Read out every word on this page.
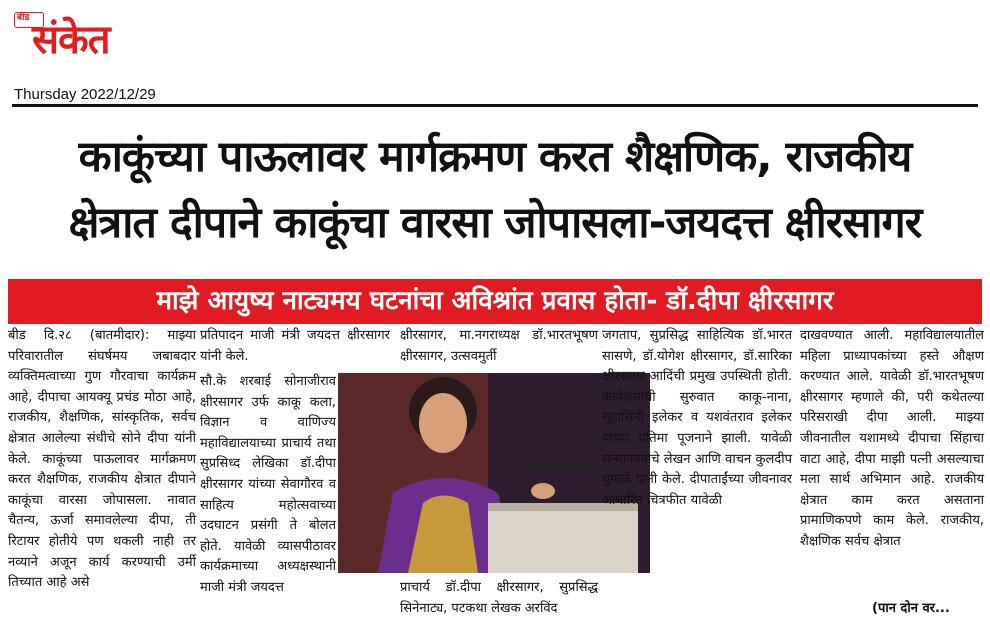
बीड संकेत
Thursday 2022/12/29
काकूंच्या पाऊलावर मार्गक्रमण करत शैक्षणिक, राजकीय
क्षेत्रात दीपाने काकूंचा वारसा जोपासला-जयदत्त क्षीरसागर
माझे आयुष्य नाट्यमय घटनांचा अविश्रांत प्रवास होता- डॉ.दीपा क्षीरसागर

बीड दि.२८ (बातमीदार): माझ्या परिवारातील संघर्षमय जबाबदार व्यक्तिमत्वाच्या गुण गौरवाचा कार्यक्रम आहे, दीपाचा आयक्यू प्रचंड मोठा आहे, राजकीय, शैक्षणिक, सांस्कृतिक, सर्वच क्षेत्रात आलेल्या संधीचे सोने दीपा यांनी केले. काकूंच्या पाऊलावर मार्गक्रमण करत शैक्षणिक, राजकीय क्षेत्रात दीपाने काकूंचा वारसा जोपासला. नावात चैतन्य, ऊर्जा समावलेल्या दीपा, ती रिटायर होतीये पण थकली नाही तर नव्याने अजून कार्य करण्याची उर्मी तिच्यात आहे असे

प्रतिपादन माजी मंत्री जयदत्त क्षीरसागर यांनी केले.

सौ.के शरबाई सोनाजीराव क्षीरसागर उर्फ काकू कला, विज्ञान व वाणिज्य महाविद्यालयाच्या प्राचार्य तथा सुप्रसिध्द लेखिका डॉ.दीपा क्षीरसागर यांच्या सेवागौरव व साहित्य महोत्सवाच्या उदघाटन प्रसंगी ते बोलत होते. यावेळी व्यासपीठावर कार्यक्रमाच्या अध्यक्षस्थानी माजी मंत्री जयदत्त

क्षीरसागर, मा.नगराध्यक्ष डॉ.भारतभूषण क्षीरसागर, उत्सवमुर्ती

प्राचार्य डॉ.दीपा क्षीरसागर, सुप्रसिद्ध सिनेनाट्य, पटकथा लेखक अरविंद

जगताप, सुप्रसिद्ध साहित्यिक डॉ.भारत सासणे, डॉ.योगेश क्षीरसागर, डॉ.सारिका क्षीरसागर आदिंची प्रमुख उपस्थिती होती. कार्यक्रमाची सुरुवात काकू-नाना, सुहासिनी इलेकर व यशवंतराव इलेकर यांच्या प्रतिमा पूजनाने झाली. यावेळी सन्मानपत्राचे लेखन आणि वाचन कुलदीप धुमाळे यांनी केले. दीपाताईंच्या जीवनावर आधारित चित्रफीत यावेळी

दाखवण्यात आली. महाविद्यालयातील महिला प्राध्यापकांच्या हस्ते औक्षण करण्यात आले. यावेळी डॉ.भारतभूषण क्षीरसागर म्हणाले की, परी कथेतल्या परिसराखी दीपा आली. माझ्या जीवनातील यशामध्ये दीपाचा सिंहाचा वाटा आहे, दीपा माझी पत्नी असल्याचा मला सार्थ अभिमान आहे. राजकीय क्षेत्रात काम करत असताना प्रामाणिकपणे काम केले. राजकीय, शैक्षणिक सर्वच क्षेत्रात

(पान दोन वर...
